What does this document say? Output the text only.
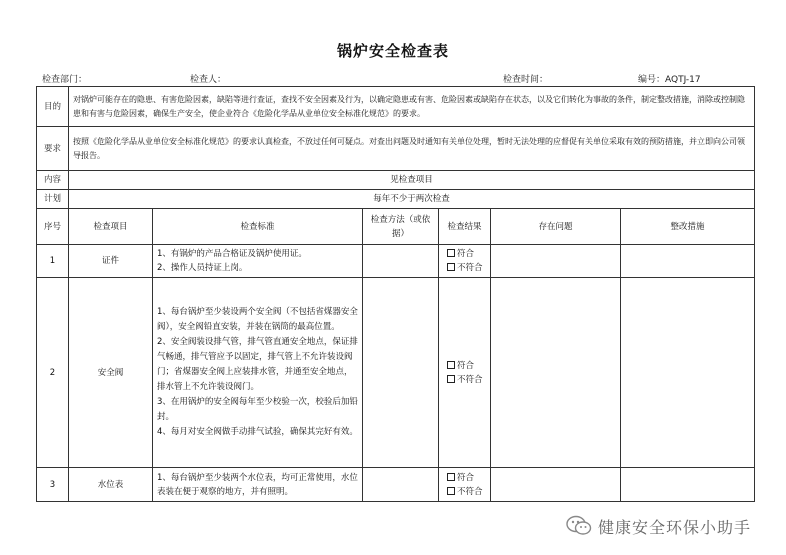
锅炉安全检查表
检查部门：	检查人：	检查时间：	编号：AQTJ-17
目的	对锅炉可能存在的隐患、有害危险因素，缺陷等进行查证，查找不安全因素及行为，以确定隐患或有害、危险因素或缺陷存在状态，以及它们转化为事故的条件，制定整改措施，消除或控制隐患和有害与危险因素，确保生产安全，使企业符合《危险化学品从业单位安全标准化规范》的要求。					
要求	按照《危险化学品从业单位安全标准化规范》的要求认真检查，不放过任何可疑点。对查出问题及时通知有关单位处理，暂时无法处理的应督促有关单位采取有效的预防措施，并立即向公司领导报告。					
内容	见检查项目					
计划	每年不少于两次检查					
序号	检查项目	检查标准	检查方法（或依据）	检查结果	存在问题	整改措施
1	证件	1、有锅炉的产品合格证及锅炉使用证。
2、操作人员持证上岗。		符合
不符合		

2	安全阀	1、每台锅炉至少装设两个安全阀（不包括省煤器安全阀），安全阀铅直安装，并装在锅筒的最高位置。
2、安全阀装设排气管，排气管直通安全地点，保证排气畅通，排气管应予以固定，排气管上不允许装设阀门；省煤器安全阀上应装排水管，并通至安全地点，排水管上不允许装设阀门。
3、在用锅炉的安全阀每年至少校验一次，校验后加铅封。
4、每月对安全阀做手动排气试验，确保其完好有效。		符合
不符合		

3	水位表	1、每台锅炉至少装两个水位表，均可正常使用，水位表装在便于观察的地方，并有照明。		符合
不符合		

健康安全环保小助手
